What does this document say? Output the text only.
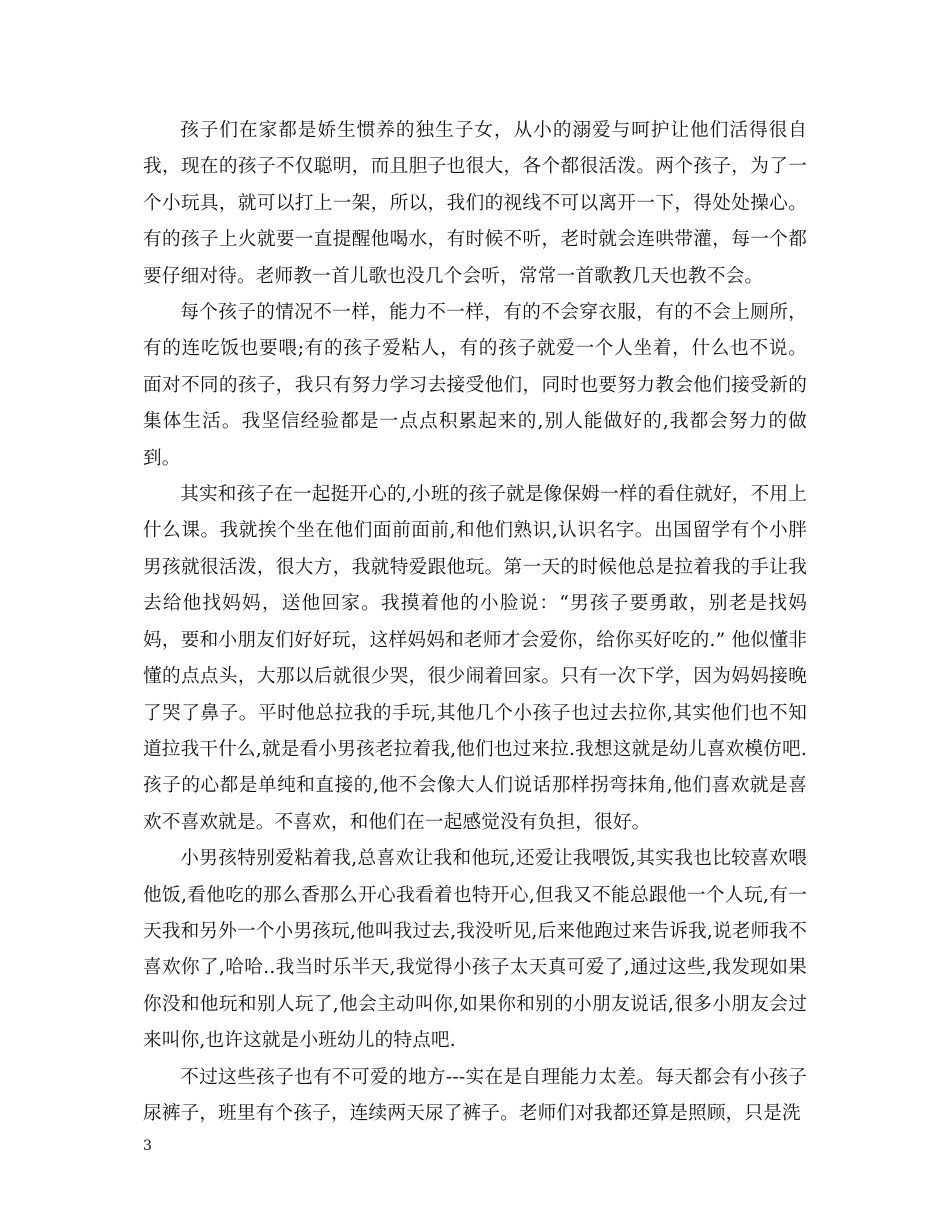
孩子们在家都是娇生惯养的独生子女，从小的溺爱与呵护让他们活得很自我，现在的孩子不仅聪明，而且胆子也很大，各个都很活泼。两个孩子，为了一个小玩具，就可以打上一架，所以，我们的视线不可以离开一下，得处处操心。有的孩子上火就要一直提醒他喝水，有时候不听，老时就会连哄带灌，每一个都要仔细对待。老师教一首儿歌也没几个会听，常常一首歌教几天也教不会。

每个孩子的情况不一样，能力不一样，有的不会穿衣服，有的不会上厕所，有的连吃饭也要喂;有的孩子爱粘人，有的孩子就爱一个人坐着，什么也不说。面对不同的孩子，我只有努力学习去接受他们，同时也要努力教会他们接受新的集体生活。我坚信经验都是一点点积累起来的,别人能做好的,我都会努力的做到。

其实和孩子在一起挺开心的,小班的孩子就是像保姆一样的看住就好，不用上什么课。我就挨个坐在他们面前面前,和他们熟识,认识名字。出国留学有个小胖男孩就很活泼，很大方，我就特爱跟他玩。第一天的时候他总是拉着我的手让我去给他找妈妈，送他回家。我摸着他的小脸说：“男孩子要勇敢，别老是找妈妈，要和小朋友们好好玩，这样妈妈和老师才会爱你，给你买好吃的.” 他似懂非懂的点点头，大那以后就很少哭，很少闹着回家。只有一次下学，因为妈妈接晚了哭了鼻子。平时他总拉我的手玩,其他几个小孩子也过去拉你,其实他们也不知道拉我干什么,就是看小男孩老拉着我,他们也过来拉.我想这就是幼儿喜欢模仿吧.孩子的心都是单纯和直接的,他不会像大人们说话那样拐弯抹角,他们喜欢就是喜欢不喜欢就是。不喜欢，和他们在一起感觉没有负担，很好。

小男孩特别爱粘着我,总喜欢让我和他玩,还爱让我喂饭,其实我也比较喜欢喂他饭,看他吃的那么香那么开心我看着也特开心,但我又不能总跟他一个人玩,有一天我和另外一个小男孩玩,他叫我过去,我没听见,后来他跑过来告诉我,说老师我不喜欢你了,哈哈..我当时乐半天,我觉得小孩子太天真可爱了,通过这些,我发现如果你没和他玩和别人玩了,他会主动叫你,如果你和别的小朋友说话,很多小朋友会过来叫你,也许这就是小班幼儿的特点吧.

不过这些孩子也有不可爱的地方---实在是自理能力太差。每天都会有小孩子尿裤子，班里有个孩子，连续两天尿了裤子。老师们对我都还算是照顾，只是洗

3
